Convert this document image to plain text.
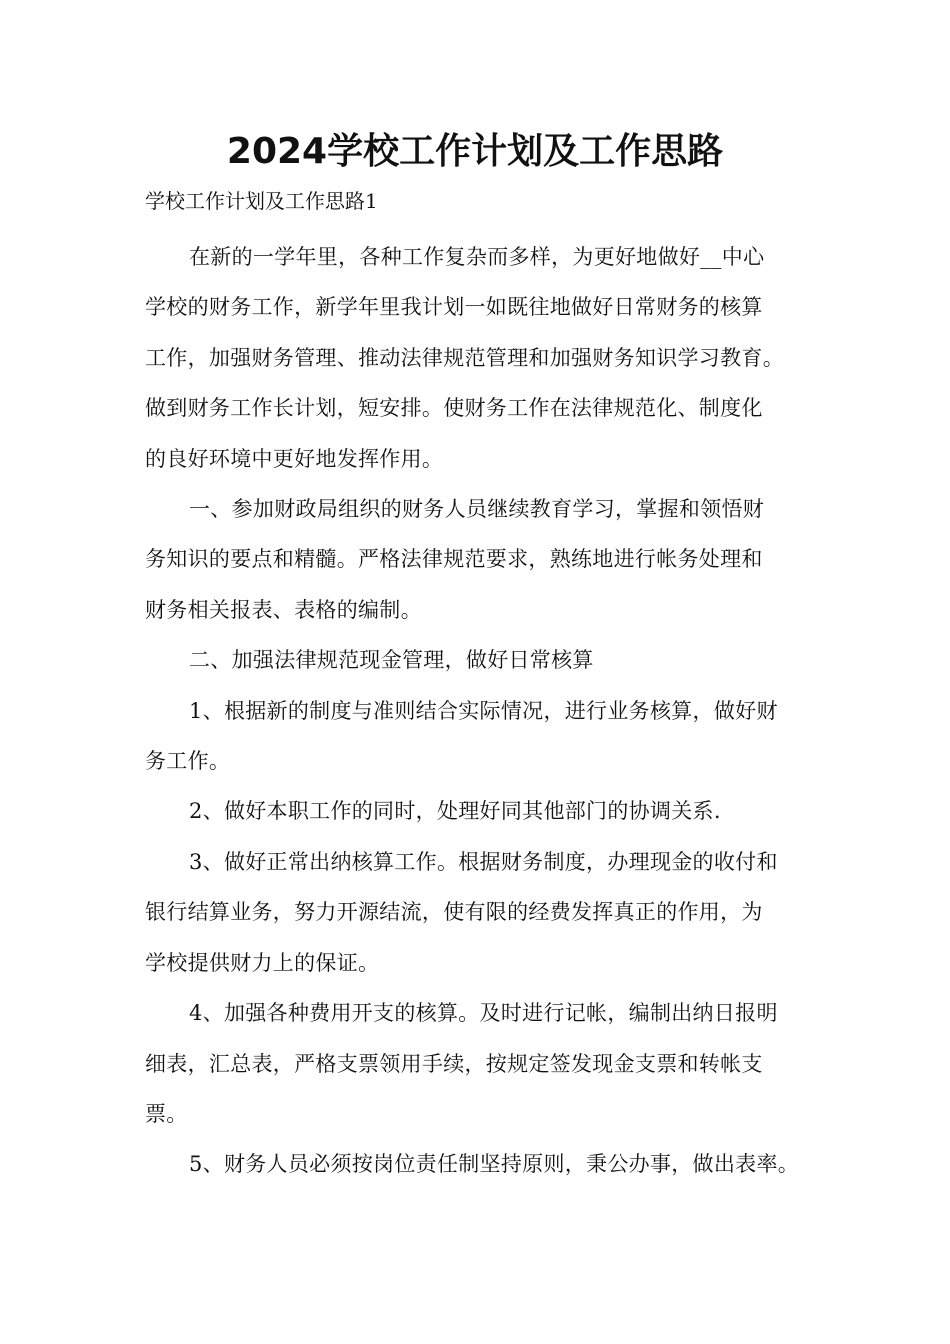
2024学校工作计划及工作思路

学校工作计划及工作思路1

在新的一学年里，各种工作复杂而多样，为更好地做好__中心
学校的财务工作，新学年里我计划一如既往地做好日常财务的核算
工作，加强财务管理、推动法律规范管理和加强财务知识学习教育。
做到财务工作长计划，短安排。使财务工作在法律规范化、制度化
的良好环境中更好地发挥作用。
一、参加财政局组织的财务人员继续教育学习，掌握和领悟财
务知识的要点和精髓。严格法律规范要求，熟练地进行帐务处理和
财务相关报表、表格的编制。
二、加强法律规范现金管理，做好日常核算
1、根据新的制度与准则结合实际情况，进行业务核算，做好财
务工作。
2、做好本职工作的同时，处理好同其他部门的协调关系.
3、做好正常出纳核算工作。根据财务制度，办理现金的收付和
银行结算业务，努力开源结流，使有限的经费发挥真正的作用，为
学校提供财力上的保证。
4、加强各种费用开支的核算。及时进行记帐，编制出纳日报明
细表，汇总表，严格支票领用手续，按规定签发现金支票和转帐支
票。
5、财务人员必须按岗位责任制坚持原则，秉公办事，做出表率。
